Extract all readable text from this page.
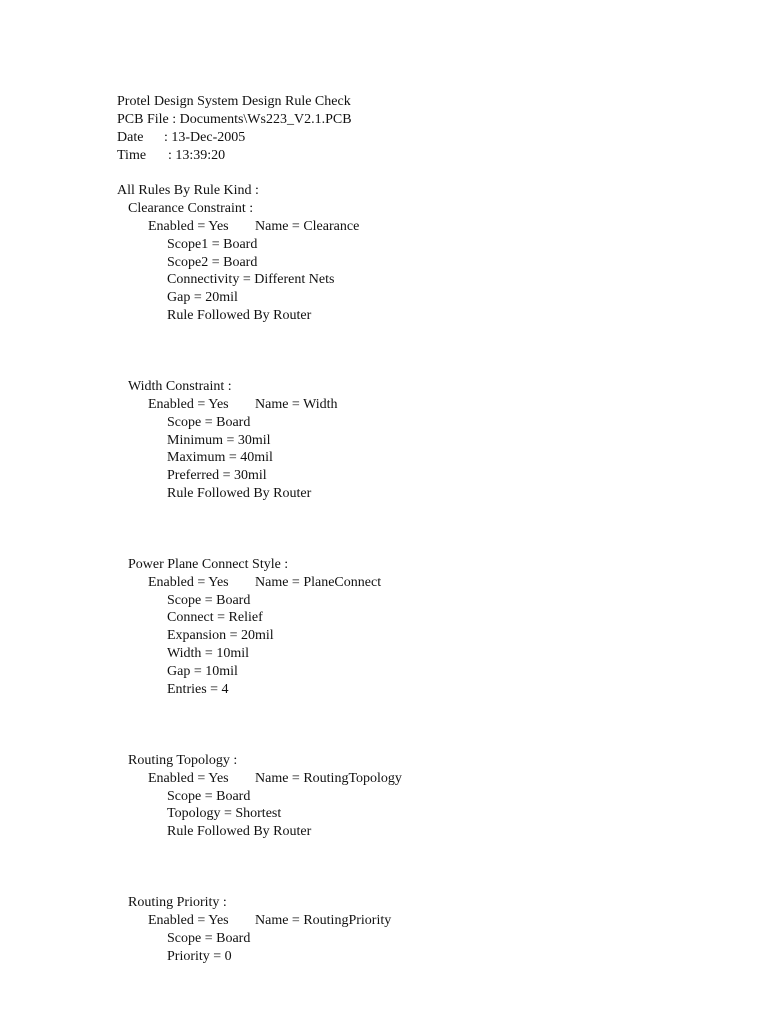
Protel Design System Design Rule Check
PCB File : Documents\Ws223_V2.1.PCB
Date : 13-Dec-2005
Time : 13:39:20
All Rules By Rule Kind :
Clearance Constraint :
Enabled = Yes Name = Clearance
Scope1 = Board
Scope2 = Board
Connectivity = Different Nets
Gap = 20mil
Rule Followed By Router
Width Constraint :
Enabled = Yes Name = Width
Scope = Board
Minimum = 30mil
Maximum = 40mil
Preferred = 30mil
Rule Followed By Router
Power Plane Connect Style :
Enabled = Yes Name = PlaneConnect
Scope = Board
Connect = Relief
Expansion = 20mil
Width = 10mil
Gap = 10mil
Entries = 4
Routing Topology :
Enabled = Yes Name = RoutingTopology
Scope = Board
Topology = Shortest
Rule Followed By Router
Routing Priority :
Enabled = Yes Name = RoutingPriority
Scope = Board
Priority = 0
